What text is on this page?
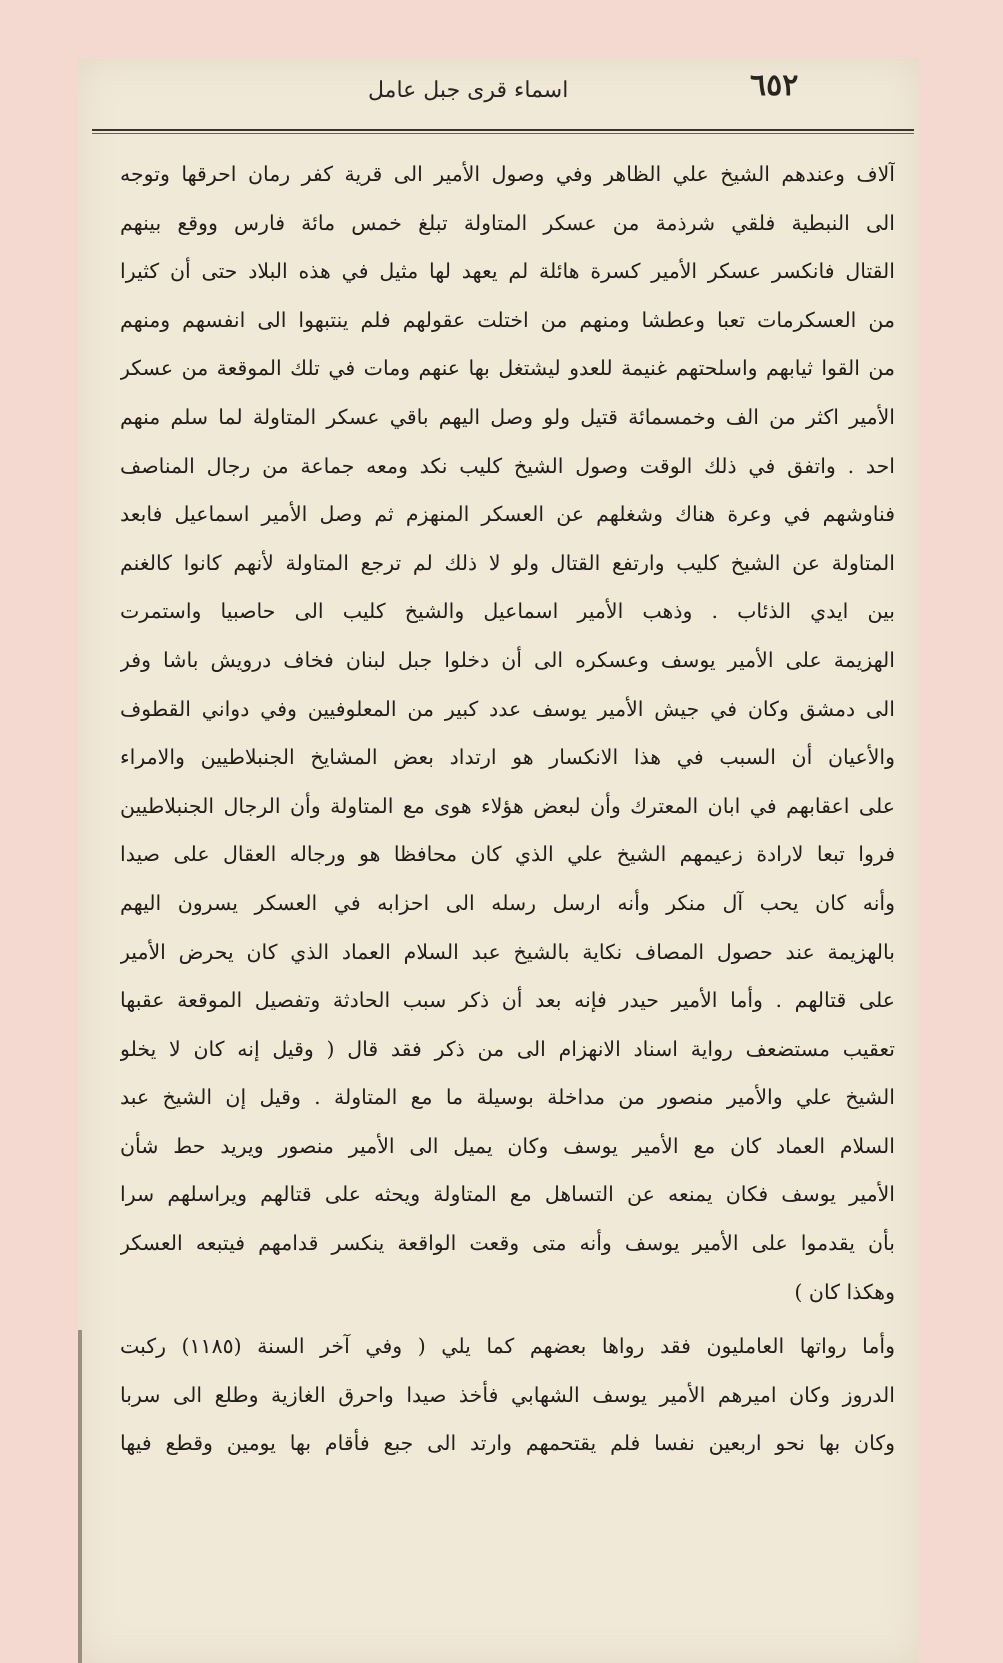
٦٥٢
اسماء قرى جبل عامل
آلاف وعندهم الشيخ علي الظاهر وفي وصول الأمير الى قرية كفر رمان احرقها وتوجه
الى النبطية فلقي شرذمة من عسكر المتاولة تبلغ خمس مائة فارس ووقع بينهم
القتال فانكسر عسكر الأمير كسرة هائلة لم يعهد لها مثيل في هذه البلاد حتى أن كثيرا
من العسكرمات تعبا وعطشا ومنهم من اختلت عقولهم فلم ينتبهوا الى انفسهم ومنهم
من القوا ثيابهم واسلحتهم غنيمة للعدو ليشتغل بها عنهم ومات في تلك الموقعة من عسكر
الأمير اكثر من الف وخمسمائة قتيل ولو وصل اليهم باقي عسكر المتاولة لما سلم منهم
احد . واتفق في ذلك الوقت وصول الشيخ كليب نكد ومعه جماعة من رجال المناصف
فناوشهم في وعرة هناك وشغلهم عن العسكر المنهزم ثم وصل الأمير اسماعيل فابعد
المتاولة عن الشيخ كليب وارتفع القتال ولو لا ذلك لم ترجع المتاولة لأنهم كانوا كالغنم
بين ايدي الذئاب . وذهب الأمير اسماعيل والشيخ كليب الى حاصبيا واستمرت
الهزيمة على الأمير يوسف وعسكره الى أن دخلوا جبل لبنان فخاف درويش باشا وفر
الى دمشق وكان في جيش الأمير يوسف عدد كبير من المعلوفيين وفي دواني القطوف
والأعيان أن السبب في هذا الانكسار هو ارتداد بعض المشايخ الجنبلاطيين والامراء
على اعقابهم في ابان المعترك وأن لبعض هؤلاء هوى مع المتاولة وأن الرجال الجنبلاطيين
فروا تبعا لارادة زعيمهم الشيخ علي الذي كان محافظا هو ورجاله العقال على صيدا
وأنه كان يحب آل منكر وأنه ارسل رسله الى احزابه في العسكر يسرون اليهم
بالهزيمة عند حصول المصاف نكاية بالشيخ عبد السلام العماد الذي كان يحرض الأمير
على قتالهم . وأما الأمير حيدر فإنه بعد أن ذكر سبب الحادثة وتفصيل الموقعة عقبها
تعقيب مستضعف رواية اسناد الانهزام الى من ذكر فقد قال ( وقيل إنه كان لا يخلو
الشيخ علي والأمير منصور من مداخلة بوسيلة ما مع المتاولة . وقيل إن الشيخ عبد
السلام العماد كان مع الأمير يوسف وكان يميل الى الأمير منصور ويريد حط شأن
الأمير يوسف فكان يمنعه عن التساهل مع المتاولة ويحثه على قتالهم ويراسلهم سرا
بأن يقدموا على الأمير يوسف وأنه متى وقعت الواقعة ينكسر قدامهم فيتبعه العسكر
وهكذا كان )
وأما رواتها العامليون فقد رواها بعضهم كما يلي ( وفي آخر السنة (١١٨٥) ركبت
الدروز وكان اميرهم الأمير يوسف الشهابي فأخذ صيدا واحرق الغازية وطلع الى سربا
وكان بها نحو اربعين نفسا فلم يقتحمهم وارتد الى جبع فأقام بها يومين وقطع فيها
